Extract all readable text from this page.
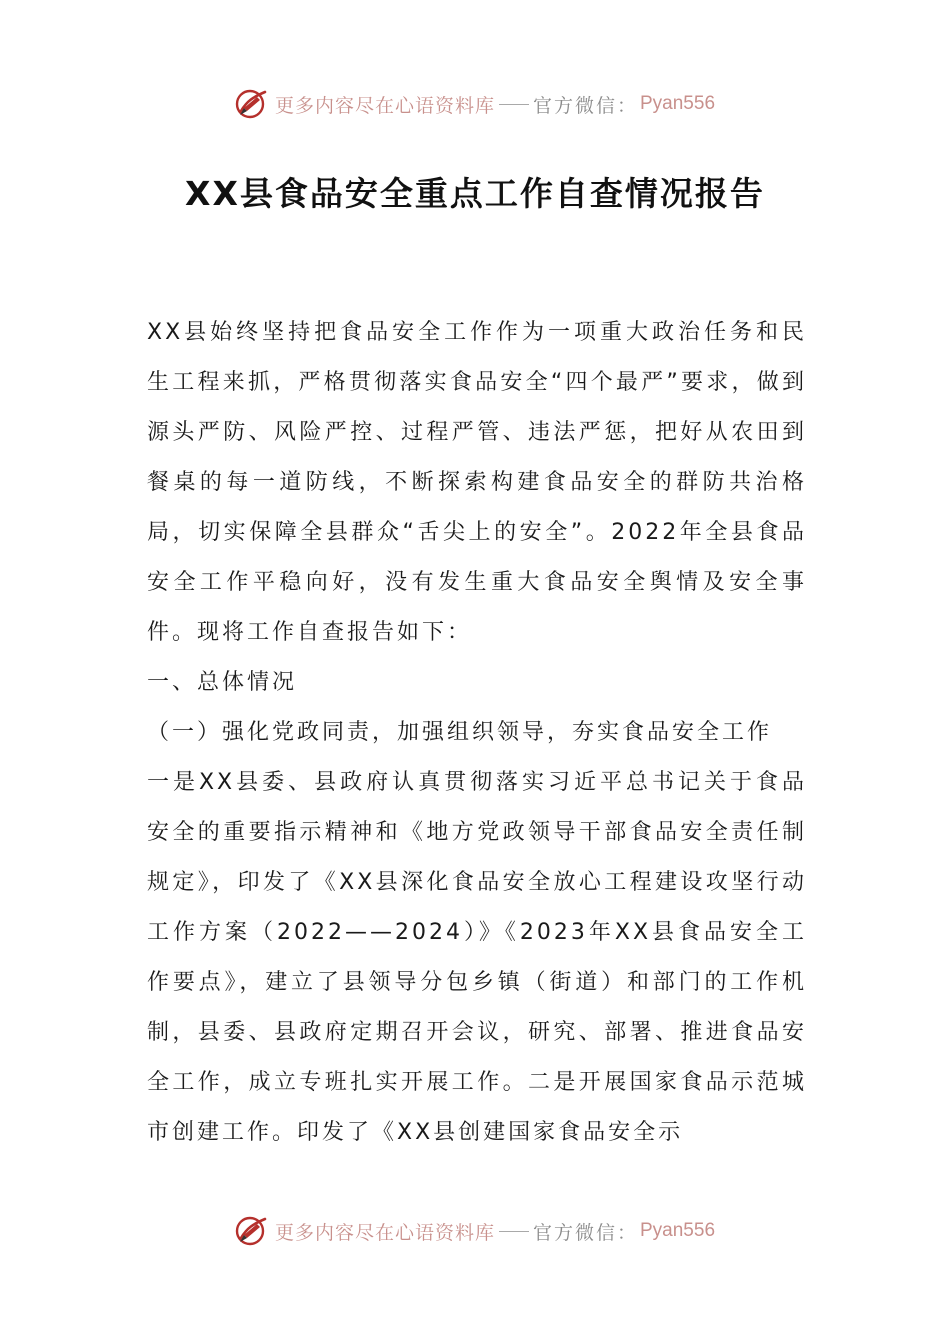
更多内容尽在心语资料库 官方微信： Pyan556
XX县食品安全重点工作自查情况报告

XX县始终坚持把食品安全工作作为一项重大政治任务和民生工程来抓，严格贯彻落实食品安全“四个最严”要求，做到源头严防、风险严控、过程严管、违法严惩，把好从农田到餐桌的每一道防线，不断探索构建食品安全的群防共治格局，切实保障全县群众“舌尖上的安全”。2022年全县食品安全工作平稳向好，没有发生重大食品安全舆情及安全事件。现将工作自查报告如下：

一、总体情况

（一）强化党政同责，加强组织领导，夯实食品安全工作

一是XX县委、县政府认真贯彻落实习近平总书记关于食品安全的重要指示精神和《地方党政领导干部食品安全责任制规定》，印发了《XX县深化食品安全放心工程建设攻坚行动工作方案（2022——2024）》《2023年XX县食品安全工作要点》，建立了县领导分包乡镇（街道）和部门的工作机制，县委、县政府定期召开会议，研究、部署、推进食品安全工作，成立专班扎实开展工作。二是开展国家食品示范城市创建工作。印发了《XX县创建国家食品安全示

更多内容尽在心语资料库 官方微信： Pyan556
